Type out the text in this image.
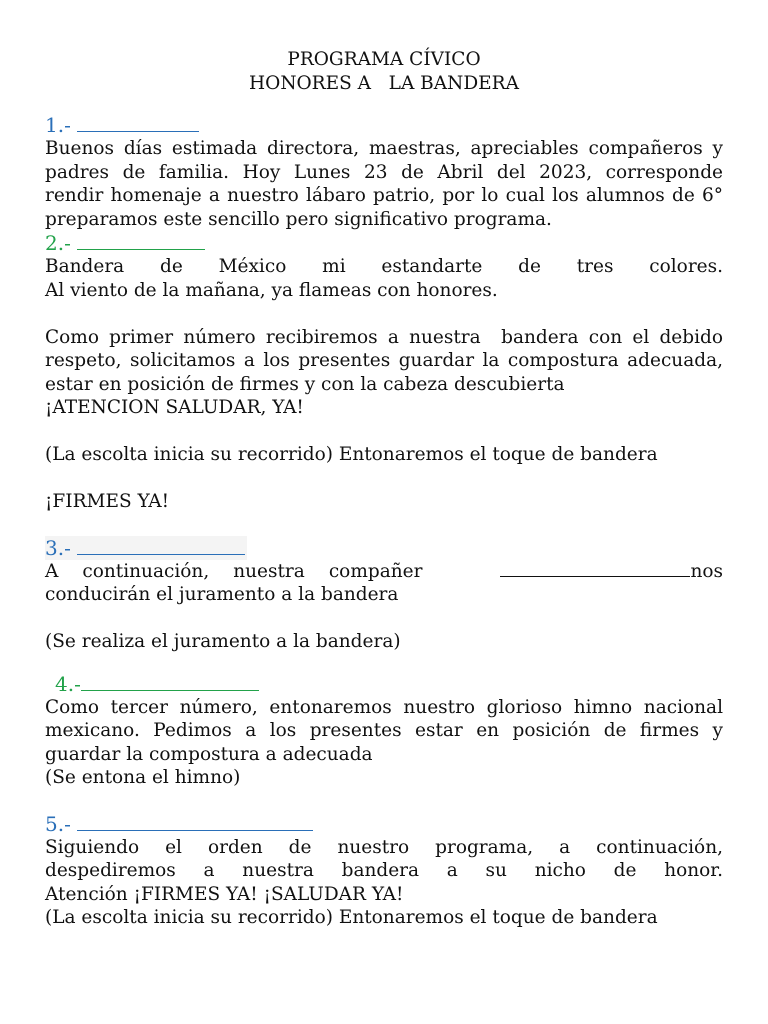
PROGRAMA CÍVICO
HONORES A   LA BANDERA
1.-
Buenos días estimada directora, maestras, apreciables compañeros y
padres de familia. Hoy Lunes 23 de Abril del 2023, corresponde
rendir homenaje a nuestro lábaro patrio, por lo cual los alumnos de 6°
preparamos este sencillo pero significativo programa.
2.-
Bandera de México mi estandarte de tres colores.
Al viento de la mañana, ya flameas con honores.
Como primer número recibiremos a nuestra  bandera con el debido
respeto, solicitamos a los presentes guardar la compostura adecuada,
estar en posición de firmes y con la cabeza descubierta
¡ATENCION SALUDAR, YA!
(La escolta inicia su recorrido) Entonaremos el toque de bandera
¡FIRMES YA!
3.-
A continuación, nuestra compañer	nos
conducirán el juramento a la bandera
(Se realiza el juramento a la bandera)
4.-
Como tercer número, entonaremos nuestro glorioso himno nacional
mexicano. Pedimos a los presentes estar en posición de firmes y
guardar la compostura a adecuada
(Se entona el himno)
5.-
Siguiendo el orden de nuestro programa, a continuación,
despediremos a nuestra bandera a su nicho de honor.
Atención ¡FIRMES YA! ¡SALUDAR YA!
(La escolta inicia su recorrido) Entonaremos el toque de bandera
